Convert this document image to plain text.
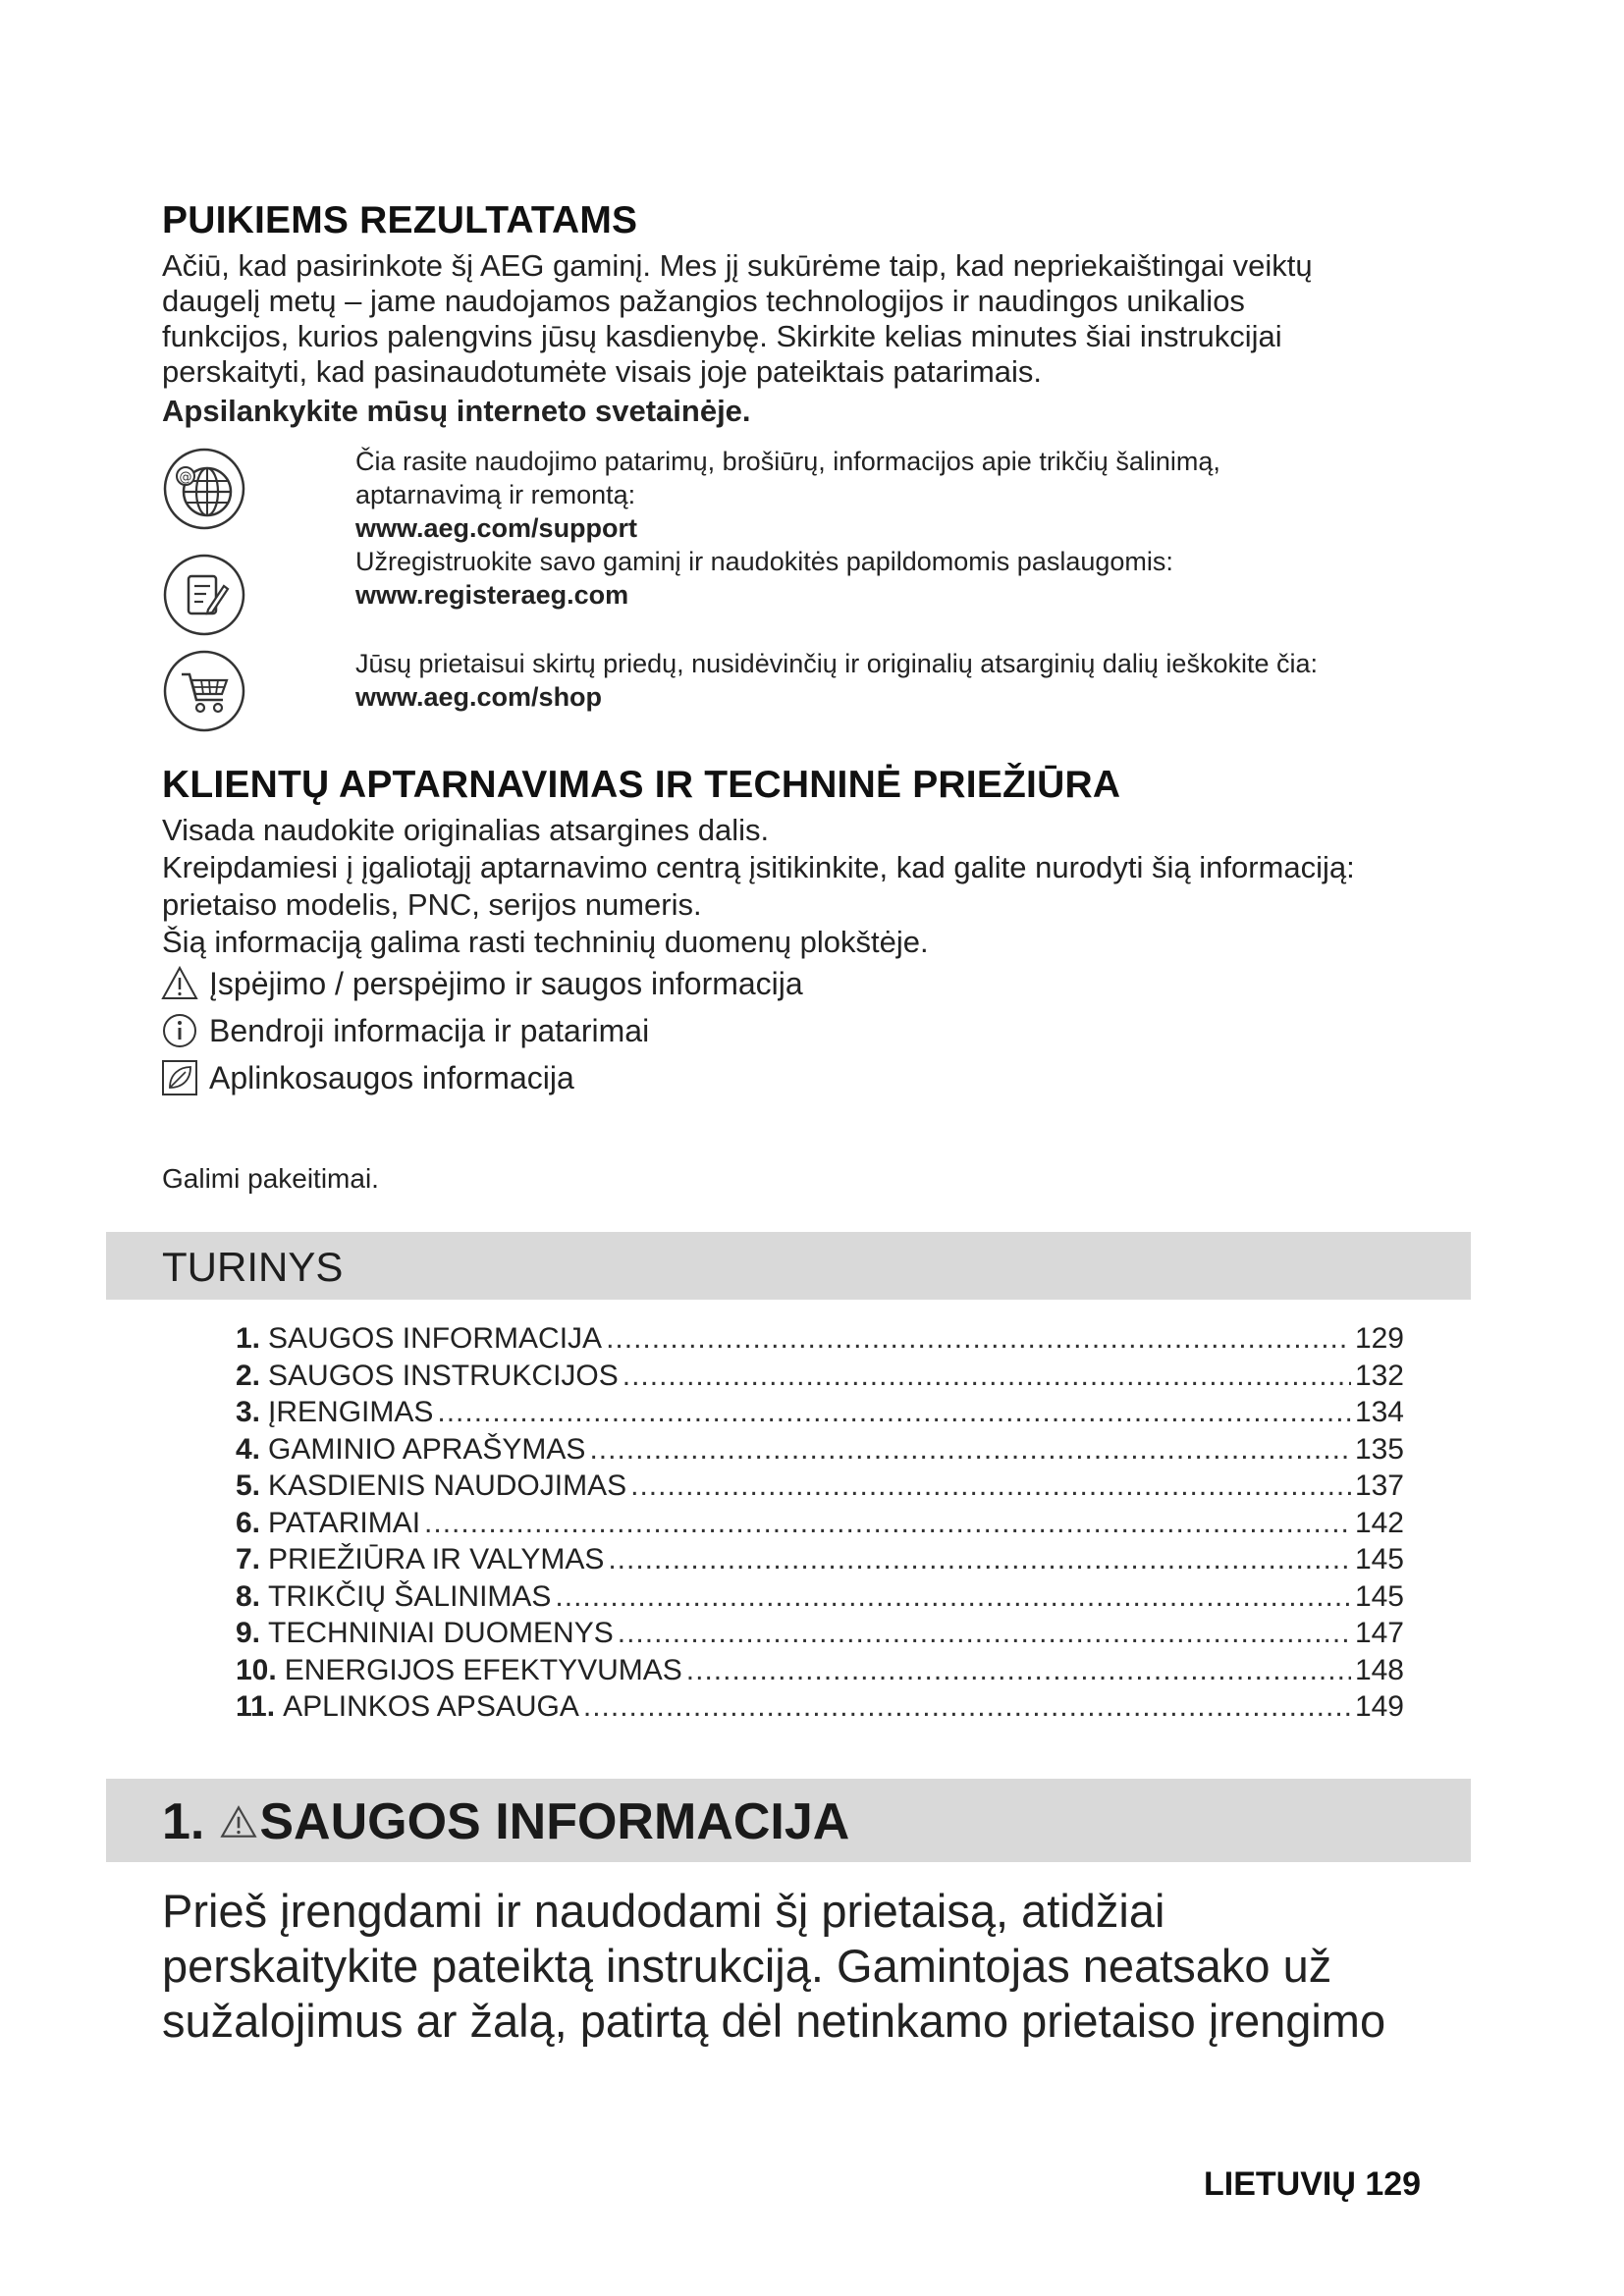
PUIKIEMS REZULTATAMS
Ačiū, kad pasirinkote šį AEG gaminį. Mes jį sukūrėme taip, kad nepriekaištingai veiktų
daugelį metų – jame naudojamos pažangios technologijos ir naudingos unikalios
funkcijos, kurios palengvins jūsų kasdienybę. Skirkite kelias minutes šiai instrukcijai
perskaityti, kad pasinaudotumėte visais joje pateiktais patarimais.
Apsilankykite mūsų interneto svetainėje.
@
Čia rasite naudojimo patarimų, brošiūrų, informacijos apie trikčių šalinimą,
aptarnavimą ir remontą:
www.aeg.com/support
Užregistruokite savo gaminį ir naudokitės papildomomis paslaugomis:
www.registeraeg.com
Jūsų prietaisui skirtų priedų, nusidėvinčių ir originalių atsarginių dalių ieškokite čia:
www.aeg.com/shop
KLIENTŲ APTARNAVIMAS IR TECHNINĖ PRIEŽIŪRA
Visada naudokite originalias atsargines dalis.
Kreipdamiesi į įgaliotąjį aptarnavimo centrą įsitikinkite, kad galite nurodyti šią informaciją:
prietaiso modelis, PNC, serijos numeris.
Šią informaciją galima rasti techninių duomenų plokštėje.
Įspėjimo / perspėjimo ir saugos informacija
Bendroji informacija ir patarimai
Aplinkosaugos informacija
Galimi pakeitimai.
TURINYS
1. SAUGOS INFORMACIJA .....	129
2. SAUGOS INSTRUKCIJOS .....	132
3. ĮRENGIMAS .....	134
4. GAMINIO APRAŠYMAS .....	135
5. KASDIENIS NAUDOJIMAS .....	137
6. PATARIMAI .....	142
7. PRIEŽIŪRA IR VALYMAS .....	145
8. TRIKČIŲ ŠALINIMAS .....	145
9. TECHNINIAI DUOMENYS .....	147
10. ENERGIJOS EFEKTYVUMAS .....	148
11. APLINKOS APSAUGA .....	149
1. SAUGOS INFORMACIJA
Prieš įrengdami ir naudodami šį prietaisą, atidžiai
perskaitykite pateiktą instrukciją. Gamintojas neatsako už
sužalojimus ar žalą, patirtą dėl netinkamo prietaiso įrengimo
LIETUVIŲ 129
